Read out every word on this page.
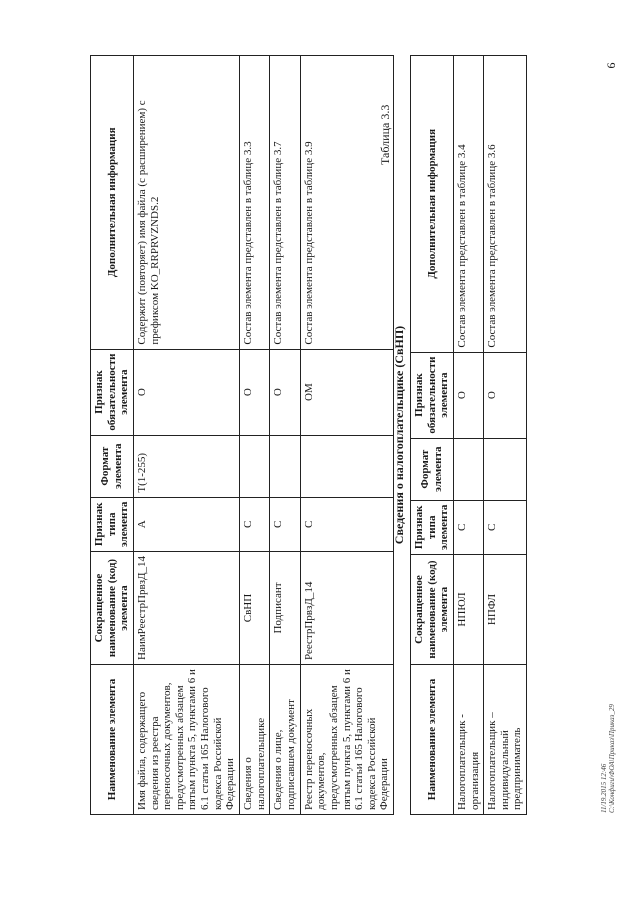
9
Наименование элемента	Сокращенное наименование (код) элемента	Признак типа элемента	Формат элемента	Признак обязательности элемента	Дополнительная информация
Имя файла, содержащего сведения из реестра переносочных документов, предусмотренных абзацем пятым пункта 5, пунктами 6 и 6.1 статьи 165 Налогового кодекса Российской Федерации	НаимРеестрПрвзД_14	А	Т(1-255)	О	Содержит (повторяет) имя файла (с расширением) с префиксом KO_RRPRVZNDS.2
Сведения о налогоплательщике	СвНП	С		О	Состав элемента представлен в таблице 3.3
Сведения о лице, подписавшем документ	Подписант	С		О	Состав элемента представлен в таблице 3.7
Реестр переносочных документов, предусмотренных абзацем пятым пункта 5, пунктами 6 и 6.1 статьи 165 Налогового кодекса Российской Федерации	РеестрПрвзД_14	С		ОМ	Состав элемента представлен в таблице 3.9
Таблица 3.3
Сведения о налогоплательщике (СвНП)
Наименование элемента	Сокращенное наименование (код) элемента	Признак типа элемента	Формат элемента	Признак обязательности элемента	Дополнительная информация
Налогоплательщик - организация	НПЮЛ	С		О	Состав элемента представлен в таблице 3.4
Налогоплательщик – индивидуальный предприниматель	НПФЛ	С		О	Состав элемента представлен в таблице 3.6
11/19.2015 12:46 С:\Конфиги\ФОА\Приказ\Приказ_29
